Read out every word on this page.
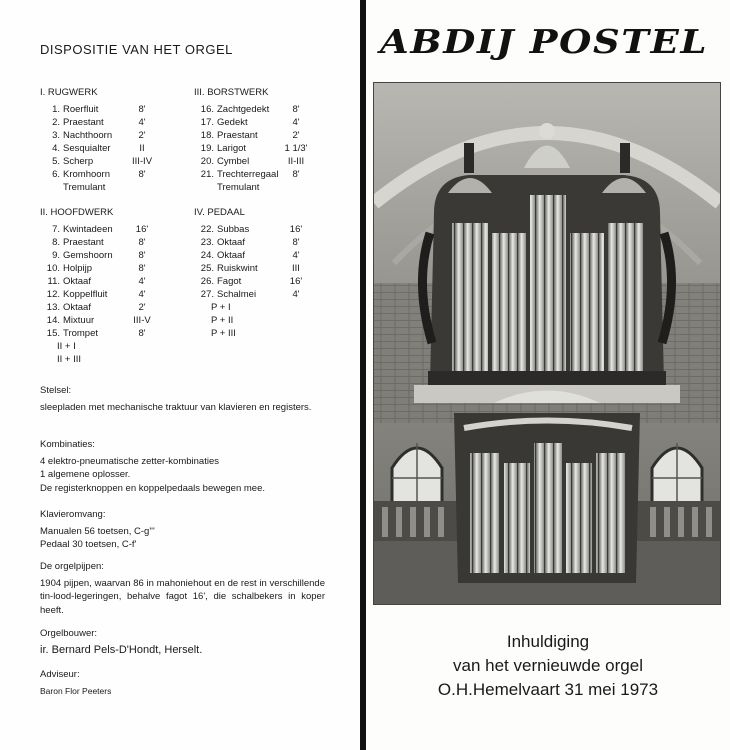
DISPOSITIE VAN HET ORGEL
I. RUGWERK
1. Roerfluit	8'
2. Praestant	4'
3. Nachthoorn	2'
4. Sesquialter	II
5. Scherp	III-IV
6. Kromhoorn	8'
Tremulant
II. HOOFDWERK
7. Kwintadeen	16'
8. Praestant	8'
9. Gemshoorn	8'
10. Holpijp	8'
11. Oktaaf	4'
12. Koppelfluit	4'
13. Oktaaf	2'
14. Mixtuur	III-V
15. Trompet	8'
II + I
II + III
III. BORSTWERK
16. Zachtgedekt	8'
17. Gedekt	4'
18. Praestant	2'
19. Larigot	1 1/3'
20. Cymbel	II-III
21. Trechterregaal	8'
Tremulant
IV. PEDAAL
22. Subbas	16'
23. Oktaaf	8'
24. Oktaaf	4'
25. Ruiskwint	III
26. Fagot	16'
27. Schalmei	4'
P + I
P + II
P + III
Stelsel:
sleepladen met mechanische traktuur van klavieren en registers.
Kombinaties:
4 elektro-pneumatische zetter-kombinaties
1 algemene oplosser.
De registerknoppen en koppelpedaals bewegen mee.
Klavieromvang:
Manualen 56 toetsen, C-g'''
Pedaal 30 toetsen, C-f'
De orgelpijpen:
1904 pijpen, waarvan 86 in mahoniehout en de rest in verschillende tin-lood-legeringen, behalve fagot 16', die schalbekers in koper heeft.
Orgelbouwer:
ir. Bernard Pels-D'Hondt, Herselt.
Adviseur:
Baron Flor Peeters
ABDIJ POSTEL
Inhuldiging
van het vernieuwde orgel
O.H.Hemelvaart 31 mei 1973
